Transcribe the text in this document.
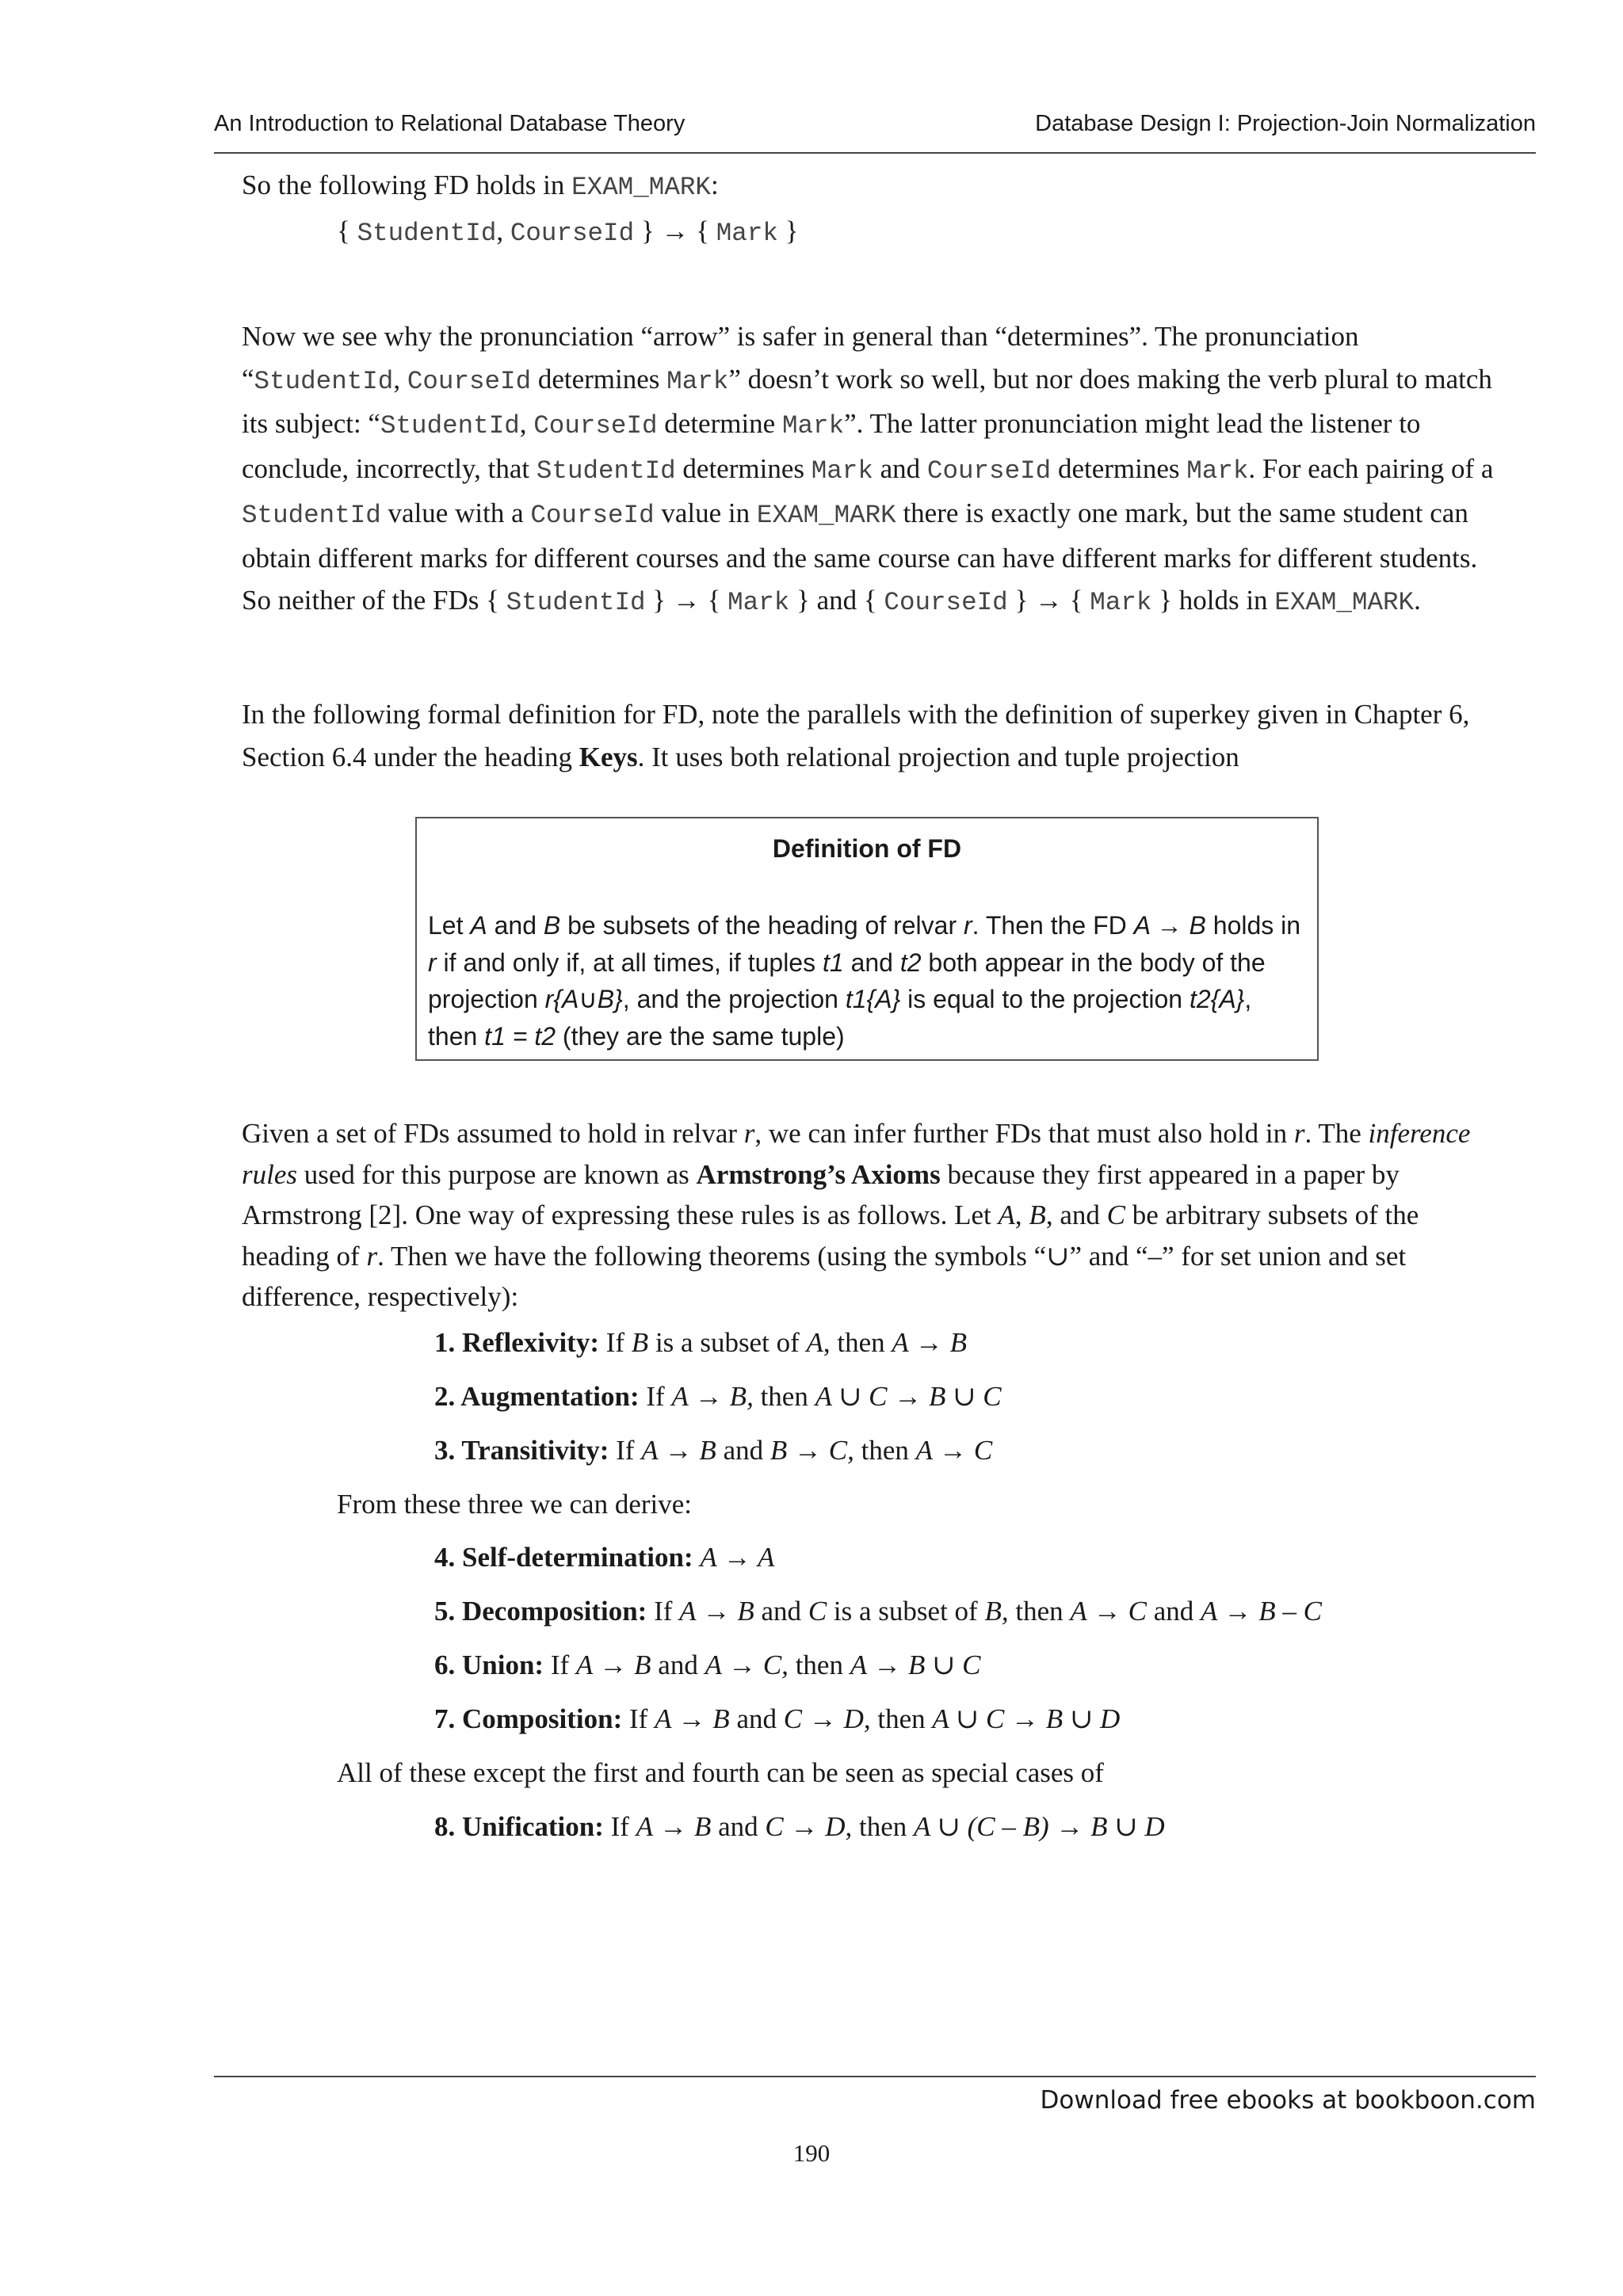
An Introduction to Relational Database Theory	Database Design I: Projection-Join Normalization

So the following FD holds in EXAM_MARK:

{ StudentId, CourseId } → { Mark }

Now we see why the pronunciation “arrow” is safer in general than “determines”. The pronunciation “StudentId, CourseId determines Mark” doesn’t work so well, but nor does making the verb plural to match its subject: “StudentId, CourseId determine Mark”. The latter pronunciation might lead the listener to conclude, incorrectly, that StudentId determines Mark and CourseId determines Mark. For each pairing of a StudentId value with a CourseId value in EXAM_MARK there is exactly one mark, but the same student can obtain different marks for different courses and the same course can have different marks for different students. So neither of the FDs { StudentId } → { Mark } and { CourseId } → { Mark } holds in EXAM_MARK.

In the following formal definition for FD, note the parallels with the definition of superkey given in Chapter 6, Section 6.4 under the heading Keys. It uses both relational projection and tuple projection

Definition of FD

Let A and B be subsets of the heading of relvar r. Then the FD A → B holds in r if and only if, at all times, if tuples t1 and t2 both appear in the body of the projection r{A∪B}, and the projection t1{A} is equal to the projection t2{A}, then t1 = t2 (they are the same tuple)

Given a set of FDs assumed to hold in relvar r, we can infer further FDs that must also hold in r. The inference rules used for this purpose are known as Armstrong’s Axioms because they first appeared in a paper by Armstrong [2]. One way of expressing these rules is as follows. Let A, B, and C be arbitrary subsets of the heading of r. Then we have the following theorems (using the symbols “∪” and “–” for set union and set difference, respectively):

1. Reflexivity: If B is a subset of A, then A → B
2. Augmentation: If A → B, then A ∪ C → B ∪ C
3. Transitivity: If A → B and B → C, then A → C
From these three we can derive:
4. Self-determination: A → A
5. Decomposition: If A → B and C is a subset of B, then A → C and A → B – C
6. Union: If A → B and A → C, then A → B ∪ C
7. Composition: If A → B and C → D, then A ∪ C → B ∪ D
All of these except the first and fourth can be seen as special cases of
8. Unification: If A → B and C → D, then A ∪ (C – B) → B ∪ D
Download free ebooks at bookboon.com
190
